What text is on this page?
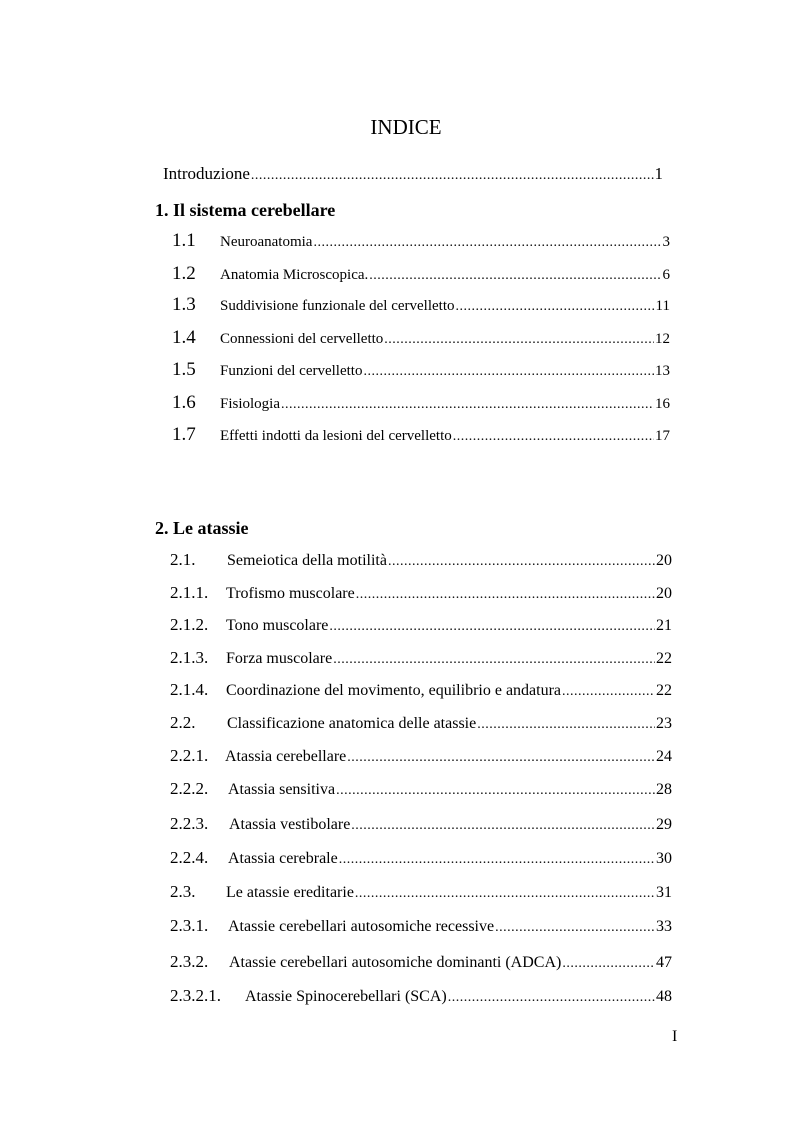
INDICE
Introduzione .....	1
1. Il sistema cerebellare
1.1	Neuroanatomia .....	3
1.2	Anatomia Microscopica. .....	6
1.3	Suddivisione funzionale del cervelletto .....	11
1.4	Connessioni del cervelletto .....	12
1.5	Funzioni del cervelletto .....	13
1.6	Fisiologia .....	16
1.7	Effetti indotti da lesioni del cervelletto .....	17
2. Le atassie
2.1.	Semeiotica della motilità .....	20
2.1.1.	Trofismo muscolare .....	20
2.1.2.	Tono muscolare .....	21
2.1.3.	Forza muscolare .....	22
2.1.4.	Coordinazione del movimento, equilibrio e andatura .....	22
2.2.	Classificazione anatomica delle atassie .....	23
2.2.1.	Atassia cerebellare .....	24
2.2.2.	Atassia sensitiva .....	28
2.2.3.	Atassia vestibolare .....	29
2.2.4.	Atassia cerebrale .....	30
2.3.	Le atassie ereditarie .....	31
2.3.1.	Atassie cerebellari autosomiche recessive .....	33
2.3.2.	Atassie cerebellari autosomiche dominanti (ADCA) .....	47
2.3.2.1.	Atassie Spinocerebellari (SCA) .....	48
I
